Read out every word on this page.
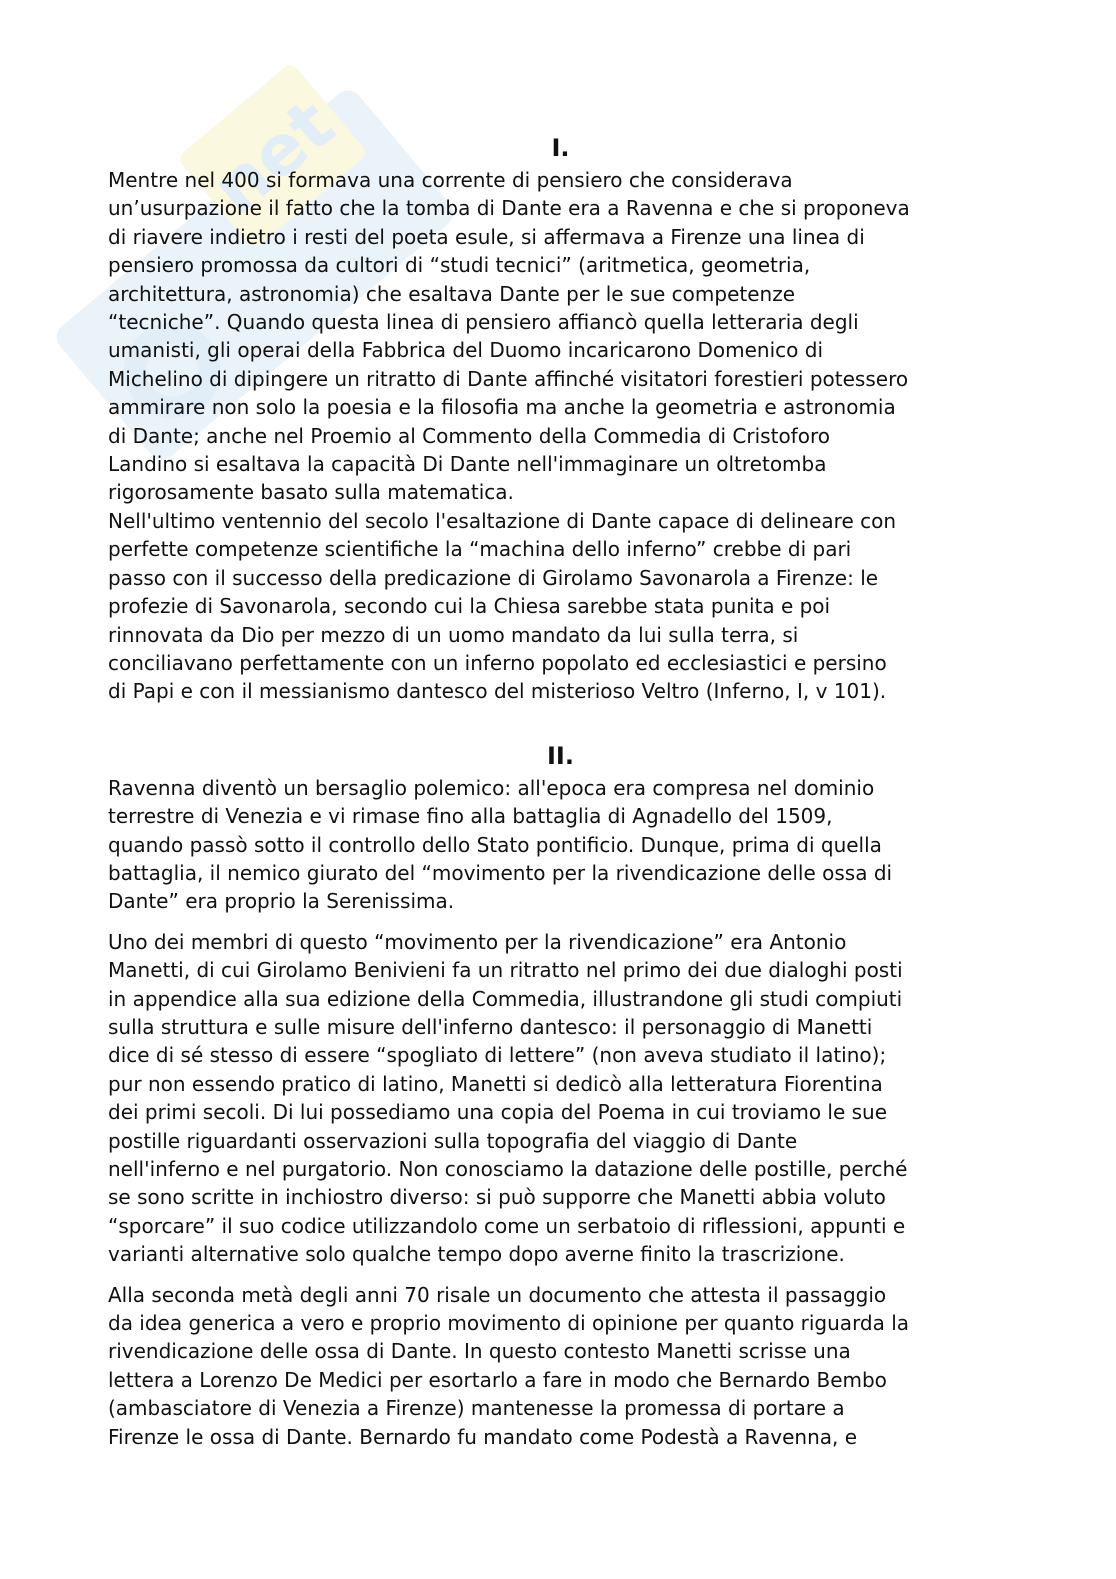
net	I.

Mentre nel 400 si formava una corrente di pensiero che considerava
un’usurpazione il fatto che la tomba di Dante era a Ravenna e che si proponeva
di riavere indietro i resti del poeta esule, si affermava a Firenze una linea di
pensiero promossa da cultori di “studi tecnici” (aritmetica, geometria,
architettura, astronomia) che esaltava Dante per le sue competenze
“tecniche”. Quando questa linea di pensiero affiancò quella letteraria degli
umanisti, gli operai della Fabbrica del Duomo incaricarono Domenico di
Michelino di dipingere un ritratto di Dante affinché visitatori forestieri potessero
ammirare non solo la poesia e la filosofia ma anche la geometria e astronomia
di Dante; anche nel Proemio al Commento della Commedia di Cristoforo
Landino si esaltava la capacità Di Dante nell'immaginare un oltretomba
rigorosamente basato sulla matematica.

Nell'ultimo ventennio del secolo l'esaltazione di Dante capace di delineare con
perfette competenze scientifiche la “machina dello inferno” crebbe di pari
passo con il successo della predicazione di Girolamo Savonarola a Firenze: le
profezie di Savonarola, secondo cui la Chiesa sarebbe stata punita e poi
rinnovata da Dio per mezzo di un uomo mandato da lui sulla terra, si
conciliavano perfettamente con un inferno popolato ed ecclesiastici e persino
di Papi e con il messianismo dantesco del misterioso Veltro (Inferno, I, v 101).

II.

Ravenna diventò un bersaglio polemico: all'epoca era compresa nel dominio
terrestre di Venezia e vi rimase fino alla battaglia di Agnadello del 1509,
quando passò sotto il controllo dello Stato pontificio. Dunque, prima di quella
battaglia, il nemico giurato del “movimento per la rivendicazione delle ossa di
Dante” era proprio la Serenissima.

Uno dei membri di questo “movimento per la rivendicazione” era Antonio
Manetti, di cui Girolamo Benivieni fa un ritratto nel primo dei due dialoghi posti
in appendice alla sua edizione della Commedia, illustrandone gli studi compiuti
sulla struttura e sulle misure dell'inferno dantesco: il personaggio di Manetti
dice di sé stesso di essere “spogliato di lettere” (non aveva studiato il latino);
pur non essendo pratico di latino, Manetti si dedicò alla letteratura Fiorentina
dei primi secoli. Di lui possediamo una copia del Poema in cui troviamo le sue
postille riguardanti osservazioni sulla topografia del viaggio di Dante
nell'inferno e nel purgatorio. Non conosciamo la datazione delle postille, perché
se sono scritte in inchiostro diverso: si può supporre che Manetti abbia voluto
“sporcare” il suo codice utilizzandolo come un serbatoio di riflessioni, appunti e
varianti alternative solo qualche tempo dopo averne finito la trascrizione.

Alla seconda metà degli anni 70 risale un documento che attesta il passaggio
da idea generica a vero e proprio movimento di opinione per quanto riguarda la
rivendicazione delle ossa di Dante. In questo contesto Manetti scrisse una
lettera a Lorenzo De Medici per esortarlo a fare in modo che Bernardo Bembo
(ambasciatore di Venezia a Firenze) mantenesse la promessa di portare a
Firenze le ossa di Dante. Bernardo fu mandato come Podestà a Ravenna, e
